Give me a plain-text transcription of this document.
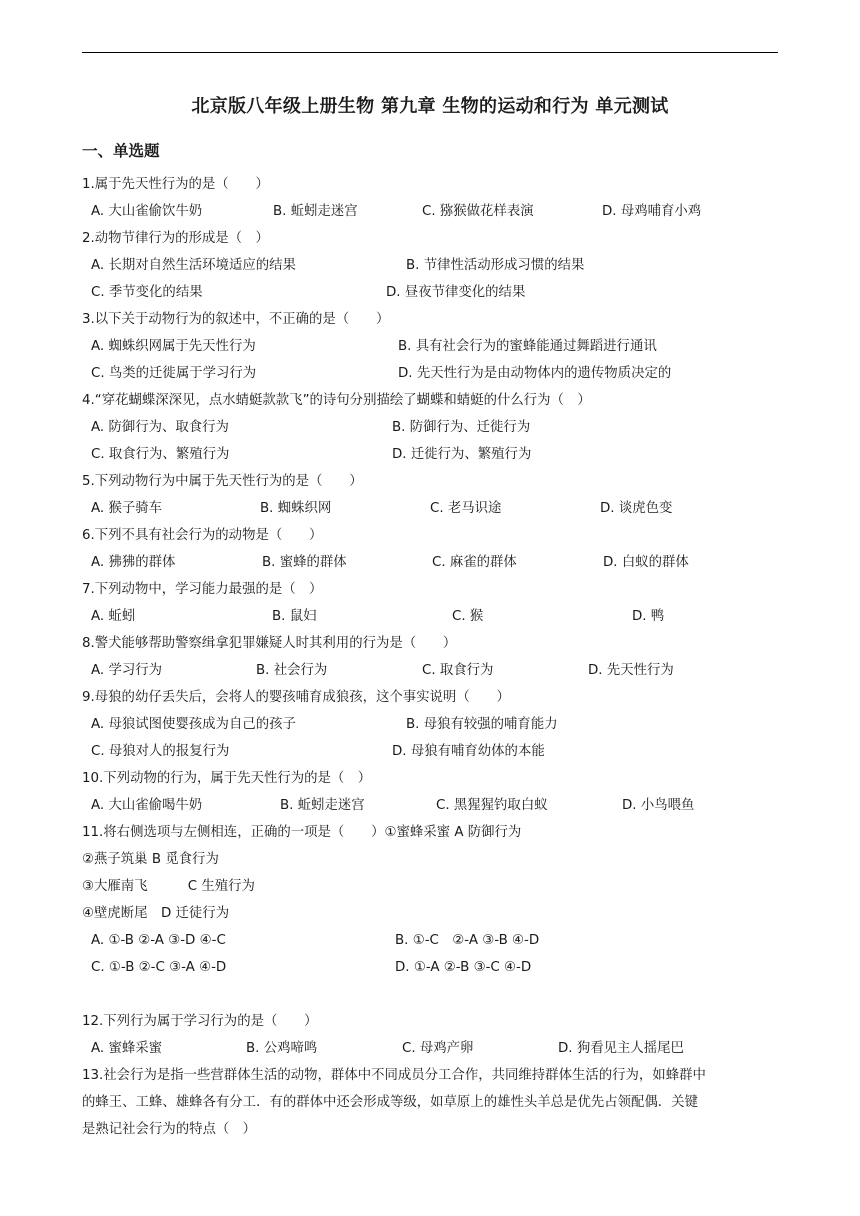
北京版八年级上册生物 第九章 生物的运动和行为 单元测试
一、单选题
1.属于先天性行为的是（　　）
A. 大山雀偷饮牛奶	B. 蚯蚓走迷宫	C. 猕猴做花样表演	D. 母鸡哺育小鸡
2.动物节律行为的形成是（　）
A. 长期对自然生活环境适应的结果	B. 节律性活动形成习惯的结果
C. 季节变化的结果	D. 昼夜节律变化的结果
3.以下关于动物行为的叙述中，不正确的是（　　）
A. 蜘蛛织网属于先天性行为	B. 具有社会行为的蜜蜂能通过舞蹈进行通讯
C. 鸟类的迁徙属于学习行为	D. 先天性行为是由动物体内的遗传物质决定的
4.“穿花蝴蝶深深见，点水蜻蜓款款飞”的诗句分别描绘了蝴蝶和蜻蜓的什么行为（　）
A. 防御行为、取食行为	B. 防御行为、迁徙行为
C. 取食行为、繁殖行为	D. 迁徙行为、繁殖行为
5.下列动物行为中属于先天性行为的是（　　）
A. 猴子骑车	B. 蜘蛛织网	C. 老马识途	D. 谈虎色变
6.下列不具有社会行为的动物是（　　）
A. 狒狒的群体	B. 蜜蜂的群体	C. 麻雀的群体	D. 白蚁的群体
7.下列动物中，学习能力最强的是（　）
A. 蚯蚓	B. 鼠妇	C. 猴	D. 鸭
8.警犬能够帮助警察缉拿犯罪嫌疑人时其利用的行为是（　　）
A. 学习行为	B. 社会行为	C. 取食行为	D. 先天性行为
9.母狼的幼仔丢失后，会将人的婴孩哺育成狼孩，这个事实说明（　　）
A. 母狼试图使婴孩成为自己的孩子	B. 母狼有较强的哺育能力
C. 母狼对人的报复行为	D. 母狼有哺育幼体的本能
10.下列动物的行为，属于先天性行为的是（　）
A. 大山雀偷喝牛奶	B. 蚯蚓走迷宫	C. 黑猩猩钓取白蚁	D. 小鸟喂鱼
11.将右侧选项与左侧相连，正确的一项是（　　）①蜜蜂采蜜 A 防御行为
②燕子筑巢 B 觅食行为
③大雁南飞　　　C 生殖行为
④壁虎断尾　D 迁徒行为
A. ①-B ②-A ③-D ④-C	B. ①-C　②-A ③-B ④-D
C. ①-B ②-C ③-A ④-D	D. ①-A ②-B ③-C ④-D
12.下列行为属于学习行为的是（　　）
A. 蜜蜂采蜜	B. 公鸡啼鸣	C. 母鸡产卵	D. 狗看见主人摇尾巴
13.社会行为是指一些营群体生活的动物，群体中不同成员分工合作，共同维持群体生活的行为，如蜂群中
的蜂王、工蜂、雄蜂各有分工．有的群体中还会形成等级，如草原上的雄性头羊总是优先占领配偶．关键
是熟记社会行为的特点（　）
